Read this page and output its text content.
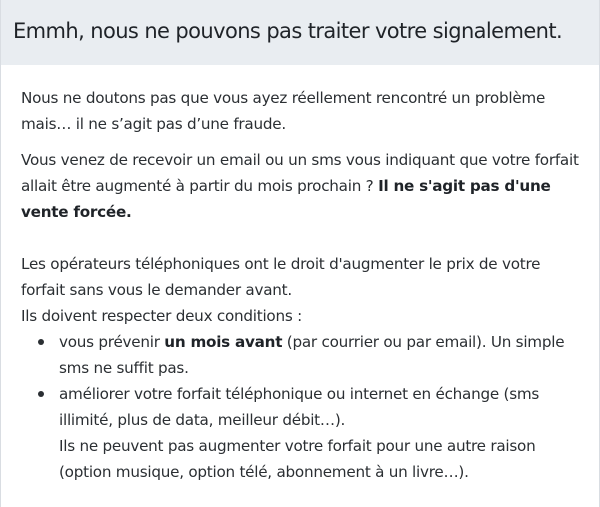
Emmh, nous ne pouvons pas traiter votre signalement.

Nous ne doutons pas que vous ayez réellement rencontré un problème mais… il ne s’agit pas d’une fraude.

Vous venez de recevoir un email ou un sms vous indiquant que votre forfait allait être augmenté à partir du mois prochain ? Il ne s'agit pas d'une vente forcée.

Les opérateurs téléphoniques ont le droit d'augmenter le prix de votre forfait sans vous le demander avant.
Ils doivent respecter deux conditions :

vous prévenir un mois avant (par courrier ou par email). Un simple sms ne suffit pas.
améliorer votre forfait téléphonique ou internet en échange (sms illimité, plus de data, meilleur débit…).
Ils ne peuvent pas augmenter votre forfait pour une autre raison (option musique, option télé, abonnement à un livre…).
